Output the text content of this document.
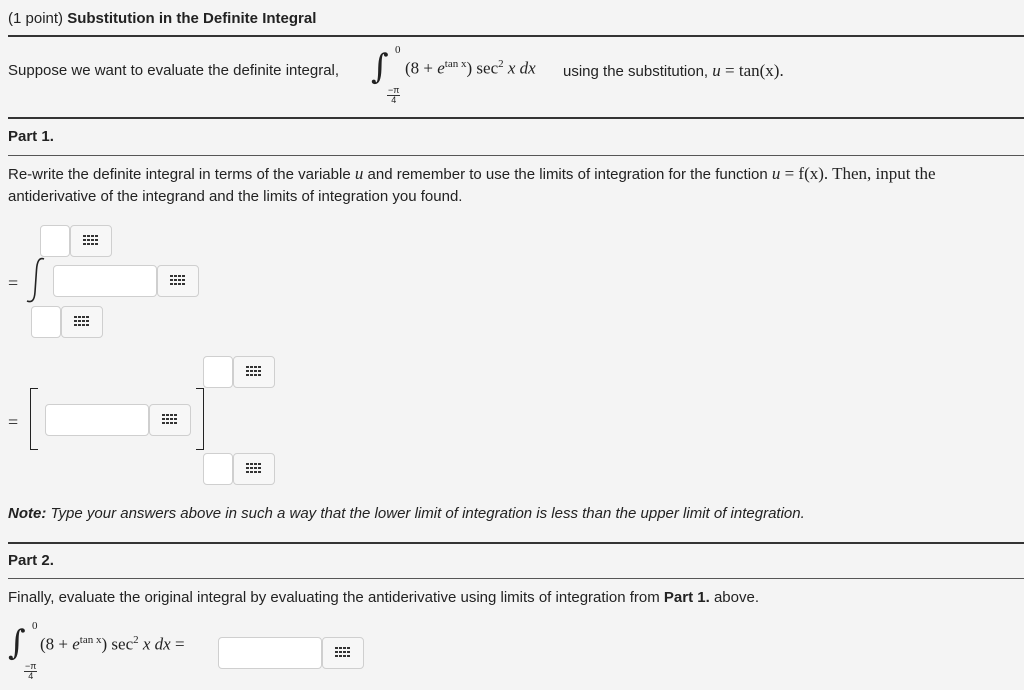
(1 point) Substitution in the Definite Integral
Suppose we want to evaluate the definite integral, ∫ 0
$\frac{-\pi}{4}$
$(8 + e^{tan x})$ $\sec^2 x$ dx using the substitution, u = tan(x).
Part 1.
Re-write the definite integral in terms of the variable u and remember to use the limits of integration for the function u = f(x). Then, input the
antiderivative of the integrand and the limits of integration you found.
=
=
Note: Type your answers above in such a way that the lower limit of integration is less than the upper limit of integration.
Part 2.
Finally, evaluate the original integral by evaluating the antiderivative using limits of integration from Part 1. above.
∫ 0
$\frac{-\pi}{4}$
$(8 + e^{tan x})$ $\sec^2 x$ dx =
